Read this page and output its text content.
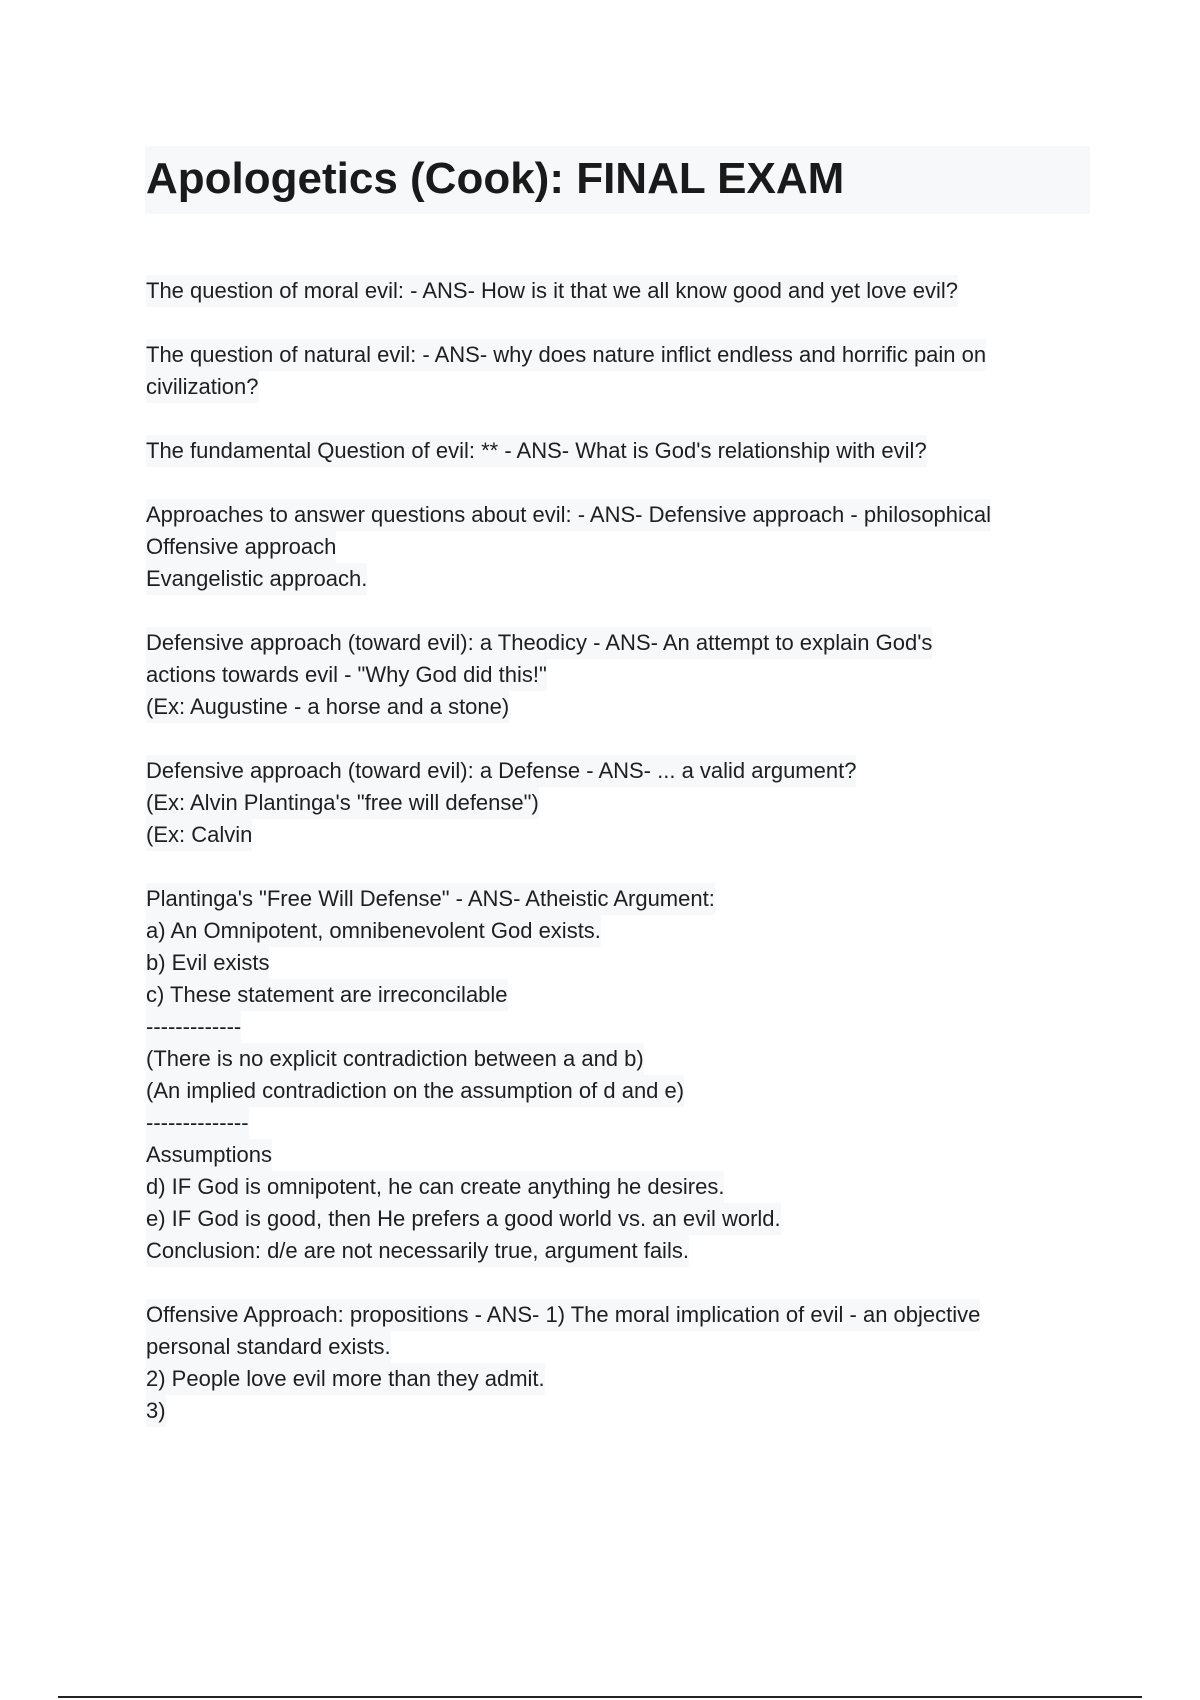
Apologetics (Cook): FINAL EXAM
The question of moral evil: - ANS- How is it that we all know good and yet love evil?
The question of natural evil: - ANS- why does nature inflict endless and horrific pain on
civilization?
The fundamental Question of evil: ** - ANS- What is God's relationship with evil?
Approaches to answer questions about evil: - ANS- Defensive approach - philosophical
Offensive approach
Evangelistic approach.
Defensive approach (toward evil): a Theodicy - ANS- An attempt to explain God's
actions towards evil - "Why God did this!"
(Ex: Augustine - a horse and a stone)
Defensive approach (toward evil): a Defense - ANS- ... a valid argument?
(Ex: Alvin Plantinga's "free will defense")
(Ex: Calvin
Plantinga's "Free Will Defense" - ANS- Atheistic Argument:
a) An Omnipotent, omnibenevolent God exists.
b) Evil exists
c) These statement are irreconcilable
-------------
(There is no explicit contradiction between a and b)
(An implied contradiction on the assumption of d and e)
--------------
Assumptions
d) IF God is omnipotent, he can create anything he desires.
e) IF God is good, then He prefers a good world vs. an evil world.
Conclusion: d/e are not necessarily true, argument fails.
Offensive Approach: propositions - ANS- 1) The moral implication of evil - an objective
personal standard exists.
2) People love evil more than they admit.
3)
